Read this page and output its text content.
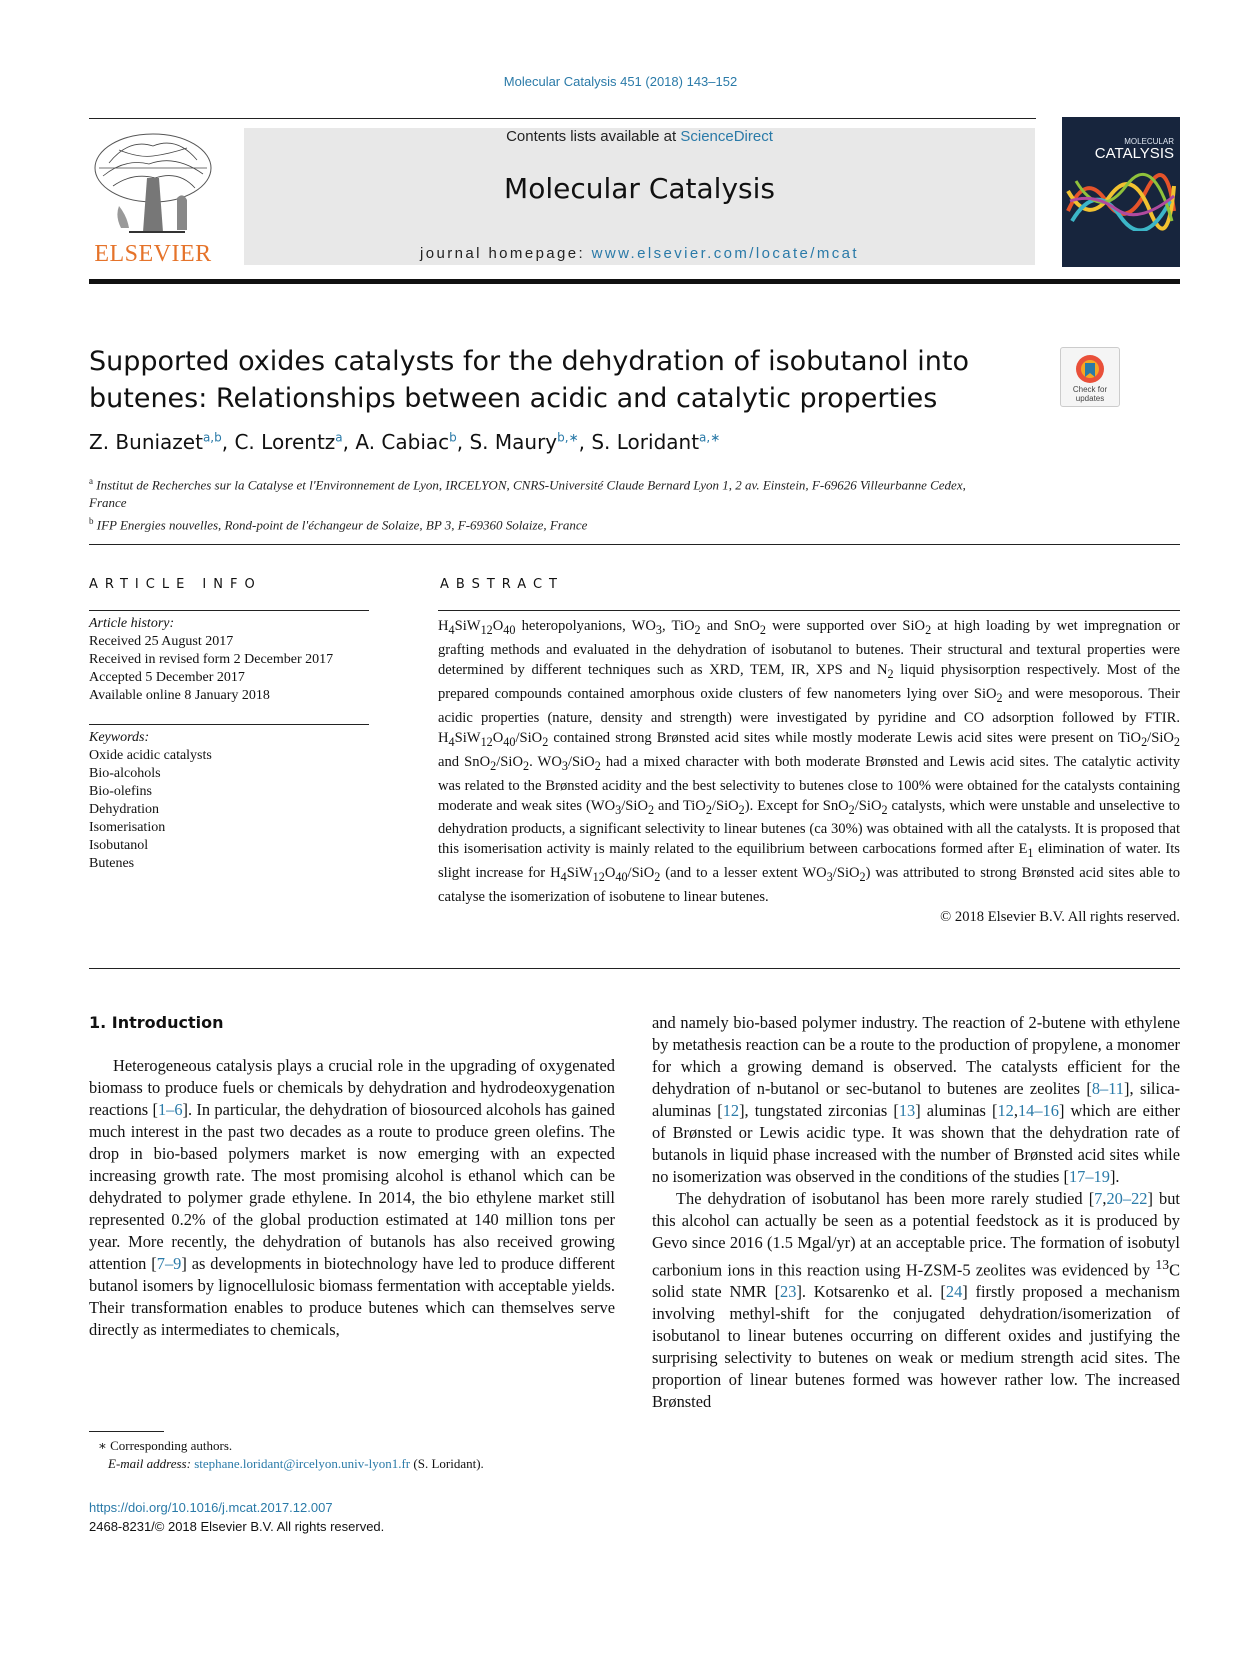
Molecular Catalysis 451 (2018) 143–152
ELSEVIER
Contents lists available at ScienceDirect
Molecular Catalysis
journal homepage: www.elsevier.com/locate/mcat
MOLECULAR
CATALYSIS
Supported oxides catalysts for the dehydration of isobutanol into butenes: Relationships between acidic and catalytic properties	Check for updates
Z. Buniazet$^{a,b}$, C. Lorentz$^a$, A. Cabiac$^b$, S. Maury$^{b,∗}$, S. Loridant$^{a,∗}$
$^a$ Institut de Recherches sur la Catalyse et l'Environnement de Lyon, IRCELYON, CNRS-Université Claude Bernard Lyon 1, 2 av. Einstein, F-69626 Villeurbanne Cedex, France
$^b$ IFP Energies nouvelles, Rond-point de l'échangeur de Solaize, BP 3, F-69360 Solaize, France
ARTICLE INFO	ABSTRACT
Article history:
Received 25 August 2017
Received in revised form 2 December 2017
Accepted 5 December 2017
Available online 8 January 2018
Keywords:
Oxide acidic catalysts
Bio-alcohols
Bio-olefins
Dehydration
Isomerisation
Isobutanol
Butenes
$H_4SiW_{12}O_{40}$ heteropolyanions, $WO_3$, TiO$_2$ and SnO$_2$ were supported over SiO$_2$ at high loading by wet impregnation or grafting methods and evaluated in the dehydration of isobutanol to butenes. Their structural and textural properties were determined by different techniques such as XRD, TEM, IR, XPS and $N_2$ liquid physisorption respectively. Most of the prepared compounds contained amorphous oxide clusters of few nanometers lying over SiO$_2$ and were mesoporous. Their acidic properties (nature, density and strength) were investigated by pyridine and CO adsorption followed by FTIR. $H_4SiW_{12}O_{40}/SiO_2$ contained strong Brønsted acid sites while mostly moderate Lewis acid sites were present on TiO$_2$/SiO$_2$ and SnO$_2$/SiO$_2$. $WO_3/SiO_2$ had a mixed character with both moderate Brønsted and Lewis acid sites. The catalytic activity was related to the Brønsted acidity and the best selectivity to butenes close to 100% were obtained for the catalysts containing moderate and weak sites ($WO_3/SiO_2$ and TiO$_2$/SiO$_2$). Except for SnO$_2$/SiO$_2$ catalysts, which were unstable and unselective to dehydration products, a significant selectivity to linear butenes (ca 30%) was obtained with all the catalysts. It is proposed that this isomerisation activity is mainly related to the equilibrium between carbocations formed after $E_1$ elimination of water. Its slight increase for $H_4SiW_{12}O_{40}/SiO_2$ (and to a lesser extent $WO_3/SiO_2$) was attributed to strong Brønsted acid sites able to catalyse the isomerization of isobutene to linear butenes.
© 2018 Elsevier B.V. All rights reserved.
1. Introduction
Heterogeneous catalysis plays a crucial role in the upgrading of oxygenated biomass to produce fuels or chemicals by dehydration and hydrodeoxygenation reactions [1–6]. In particular, the dehydration of biosourced alcohols has gained much interest in the past two decades as a route to produce green olefins. The drop in bio-based polymers market is now emerging with an expected increasing growth rate. The most promising alcohol is ethanol which can be dehydrated to polymer grade ethylene. In 2014, the bio ethylene market still represented 0.2% of the global production estimated at 140 million tons per year. More recently, the dehydration of butanols has also received growing attention [7–9] as developments in biotechnology have led to produce different butanol isomers by lignocellulosic biomass fermentation with acceptable yields. Their transformation enables to produce butenes which can themselves serve directly as intermediates to chemicals,
and namely bio-based polymer industry. The reaction of 2-butene with ethylene by metathesis reaction can be a route to the production of propylene, a monomer for which a growing demand is observed. The catalysts efficient for the dehydration of n-butanol or sec-butanol to butenes are zeolites [8–11], silica-aluminas [12], tungstated zirconias [13] aluminas [12,14–16] which are either of Brønsted or Lewis acidic type. It was shown that the dehydration rate of butanols in liquid phase increased with the number of Brønsted acid sites while no isomerization was observed in the conditions of the studies [17–19].
The dehydration of isobutanol has been more rarely studied [7,20–22] but this alcohol can actually be seen as a potential feedstock as it is produced by Gevo since 2016 (1.5 Mgal/yr) at an acceptable price. The formation of isobutyl carbonium ions in this reaction using H-ZSM-5 zeolites was evidenced by $^{13}$C solid state NMR [23]. Kotsarenko et al. [24] firstly proposed a mechanism involving methyl-shift for the conjugated dehydration/isomerization of isobutanol to linear butenes occurring on different oxides and justifying the surprising selectivity to butenes on weak or medium strength acid sites. The proportion of linear butenes formed was however rather low. The increased Brønsted
∗ Corresponding authors.
E-mail address: stephane.loridant@ircelyon.univ-lyon1.fr (S. Loridant).
https://doi.org/10.1016/j.mcat.2017.12.007
2468-8231/© 2018 Elsevier B.V. All rights reserved.
